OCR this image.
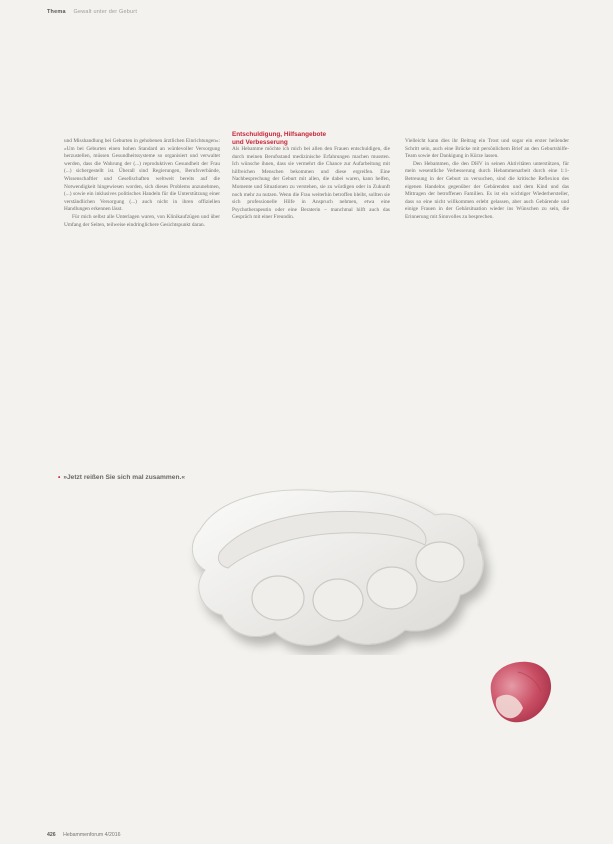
Thema Gewalt unter der Geburt

und Misshandlung bei Geburten in gehobenen ärztlichen Einrichtungen«: »Um bei Geburten einen hohen Standard an würdevoller Versorgung herzustellen, müssen Gesundheitssysteme so organisiert und verwaltet werden, dass die Wahrung der (...) reproduktiven Gesundheit der Frau (...) sichergestellt ist. Überall sind Regierungen, Berufsverbände, Wissenschaftler und Gesellschaften weltweit bereits auf die Notwendigkeit hingewiesen worden, sich dieses Problems anzunehmen, (...) sowie ein inklusives politisches Handeln für die Unterstützung einer verständlichen Versorgung (...) auch nicht in ihren offiziellen Handlungen erkennen lässt.

Für mich selbst alle Unterlagen waren, von Klinikaufzügen und über Umfang der Seiten, teilweise eindringlichere Gesichtspunkt daran.

Entschuldigung, Hilfsangebote
und Verbesserung

Als Hebamme möchte ich mich bei allen den Frauen entschuldigen, die durch meinen Berufsstand medizinische Erfahrungen machen mussten. Ich wünsche ihnen, dass sie vermehrt die Chance zur Aufarbeitung mit hilfreichen Menschen bekommen und diese ergreifen. Eine Nachbesprechung der Geburt mit allen, die dabei waren, kann helfen, Momente und Situationen zu verstehen, sie zu würdigen oder in Zukunft noch mehr zu nutzen. Wenn die Frau weiterhin betroffen bleibt, sollten sie sich professionelle Hilfe in Anspruch nehmen, etwa eine Psychotherapeutin oder eine Beraterin – manchmal hilft auch das Gespräch mit einer Freundin.

Vielleicht kann dies ihr Beitrag ein Trost und sogar ein erster heilender Schritt sein, auch eine Brücke mit persönlichem Brief an den Geburtshilfe-Team sowie der Dankigung in Kürze lassen.

Den Hebammen, die den DHV in seinen Aktivitäten unterstützen, für mein wesentliche Verbesserung durch Hebammenarbeit durch eine 1:1-Betreuung in der Geburt zu versuchen, sind die kritische Reflexion des eigenen Handelns gegenüber der Gebärenden und dem Kind und das Mittragen der betroffenen Familien. Es ist ein wichtiger Wiederhersteller, dass so eine nicht willkommen erlebt gelassen, aber auch Gebärende und einige Frauen in der Gebärsituation wieder ins Wünschen zu sein, die Erinnerung mit Sinnvolles zu besprechen.

• »Jetzt reißen Sie sich mal zusammen.«
426 Hebammenforum 4/2016
